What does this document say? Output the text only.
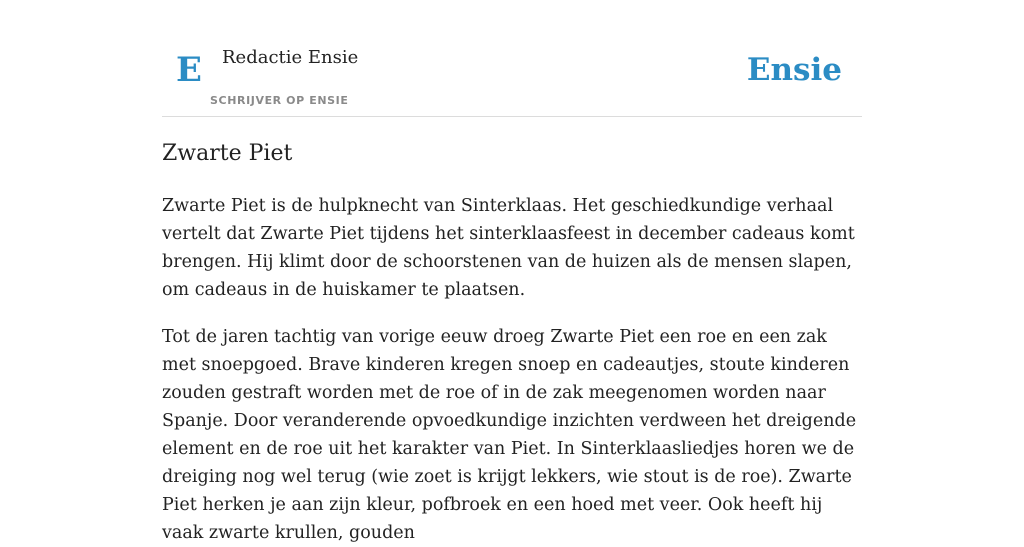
E Redactie Ensie
SCHRIJVER OP ENSIE
Ensie
Zwarte Piet

Zwarte Piet is de hulpknecht van Sinterklaas. Het geschiedkundige verhaal vertelt dat Zwarte Piet tijdens het sinterklaasfeest in december cadeaus komt brengen. Hij klimt door de schoorstenen van de huizen als de mensen slapen, om cadeaus in de huiskamer te plaatsen.

Tot de jaren tachtig van vorige eeuw droeg Zwarte Piet een roe en een zak met snoepgoed. Brave kinderen kregen snoep en cadeautjes, stoute kinderen zouden gestraft worden met de roe of in de zak meegenomen worden naar Spanje. Door veranderende opvoedkundige inzichten verdween het dreigende element en de roe uit het karakter van Piet. In Sinterklaasliedjes horen we de dreiging nog wel terug (wie zoet is krijgt lekkers, wie stout is de roe). Zwarte Piet herken je aan zijn kleur, pofbroek en een hoed met veer. Ook heeft hij vaak zwarte krullen, gouden
